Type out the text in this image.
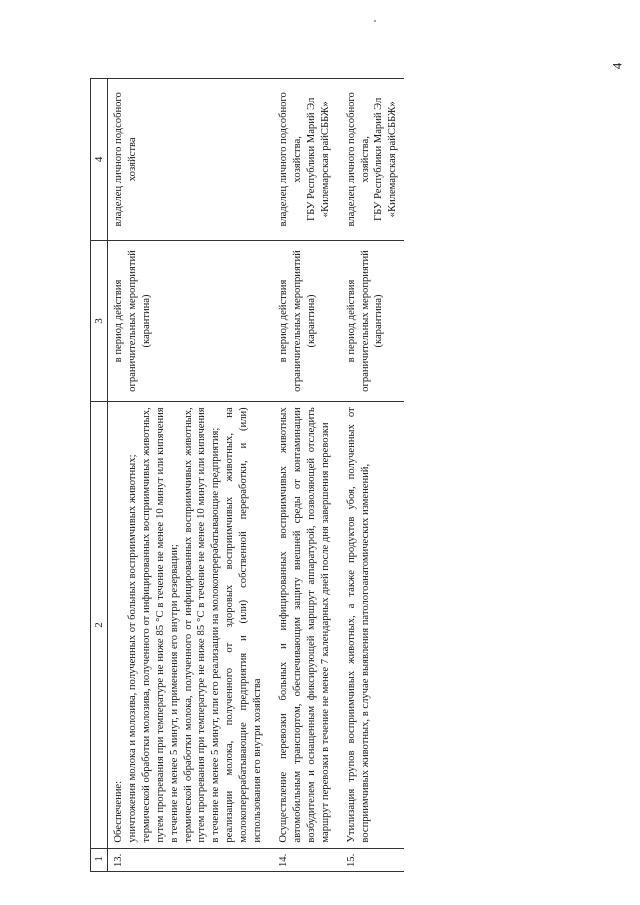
4
1	2	3	4
13.	Обеспечение: уничтожения молока и молозива, полученных от больных восприимчивых животных; термической обработки молозива, полученного от инфицированных восприимчивых животных, путем прогревания при температуре не ниже 85 °С в течение не менее 10 минут или кипячения в течение не менее 5 минут, и применения его внутри резервации; термической обработки молока, полученного от инфицированных восприимчивых животных, путем прогревания при температуре не ниже 85 °С в течение не менее 10 минут или кипячения в течение не менее 5 минут, или его реализации на молокоперерабатывающие предприятия; реализации молока, полученного от здоровых восприимчивых животных, на молокоперерабатывающие предприятия и (или) собственной переработки, и (или) использования его внутри хозяйства	в период действия ограничительных мероприятий (карантина)	владелец личного подсобного хозяйства

14.	Осуществление перевозки больных и инфицированных восприимчивых животных автомобильным транспортом, обеспечивающим защиту внешней среды от контаминации возбудителем и оснащенным фиксирующей маршрут аппаратурой, позволяющей отследить маршрут перевозки в течение не менее 7 календарных дней после дня завершения перевозки	в период действия ограничительных мероприятий (карантина)	владелец личного подсобного хозяйства, ГБУ Республики Марий Эл «Килемарская райСББЖ»

15.	Утилизация трупов восприимчивых животных, а также продуктов убоя, полученных от восприимчивых животных, в случае выявления патологоанатомических изменений,	в период действия ограничительных мероприятий (карантина)	владелец личного подсобного хозяйства, ГБУ Республики Марий Эл «Килемарская райСББЖ»
